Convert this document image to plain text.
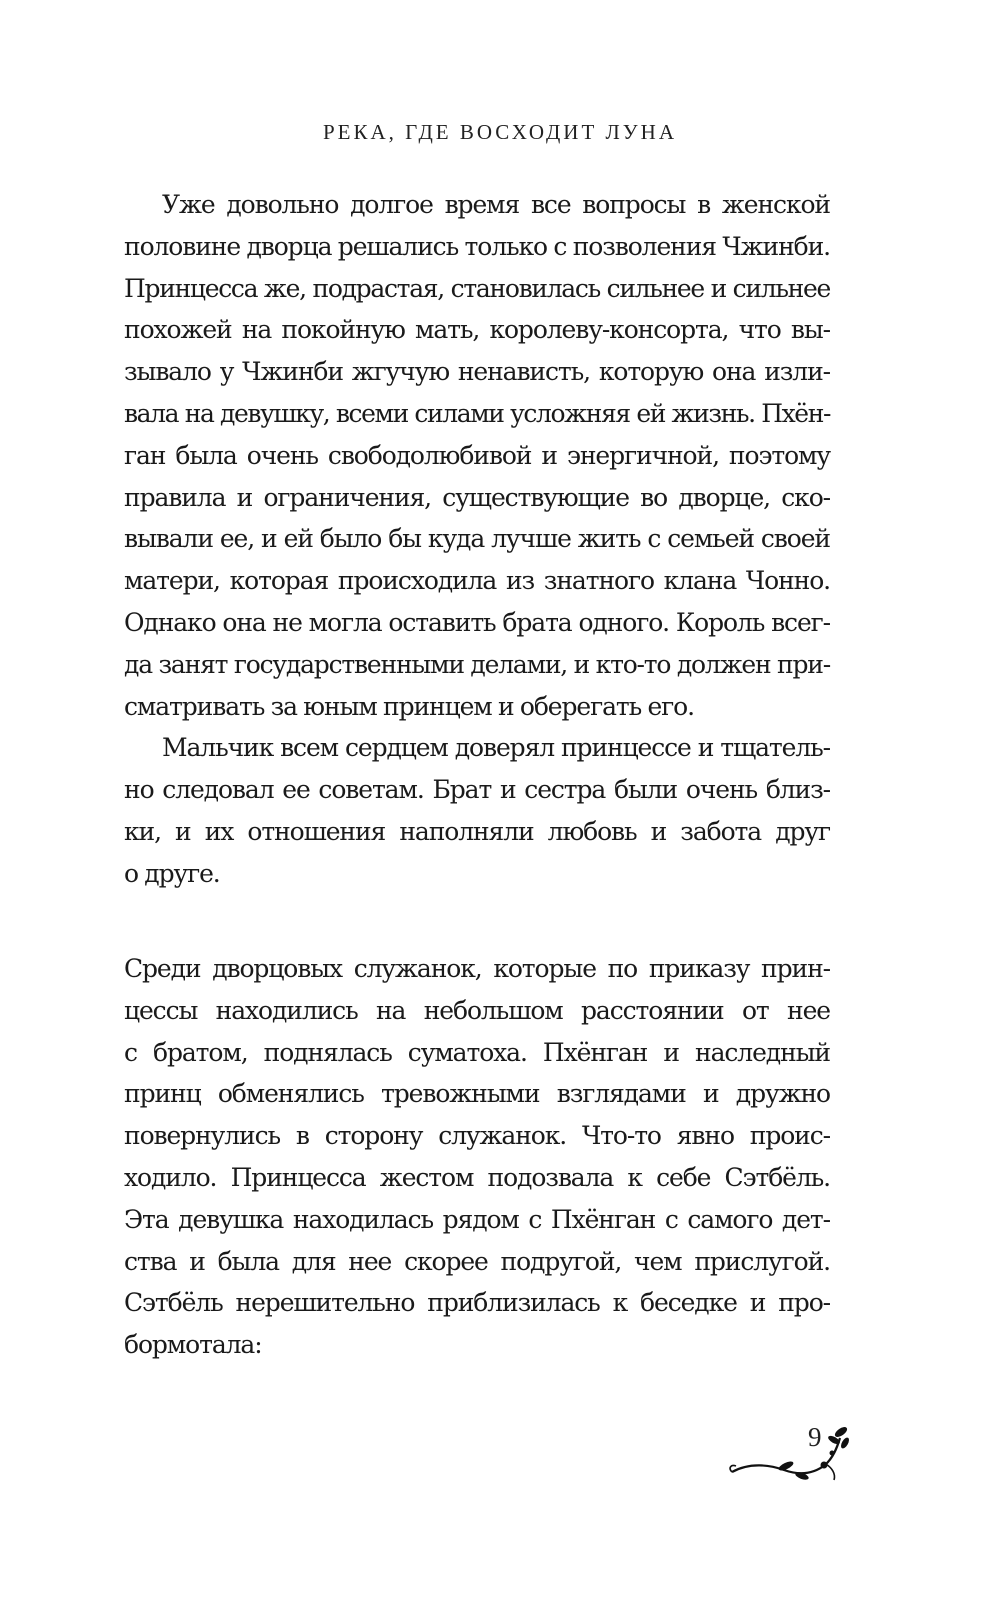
РЕКА, ГДЕ ВОСХОДИТ ЛУНА

Уже довольно долгое время все вопросы в женской
половине дворца решались только с позволения Чжинби.
Принцесса же, подрастая, становилась сильнее и сильнее
похожей на покойную мать, королеву-консорта, что вы-
зывало у Чжинби жгучую ненависть, которую она изли-
вала на девушку, всеми силами усложняя ей жизнь. Пхён-
ган была очень свободолюбивой и энергичной, поэтому
правила и ограничения, существующие во дворце, ско-
вывали ее, и ей было бы куда лучше жить с семьей своей
матери, которая происходила из знатного клана Чонно.
Однако она не могла оставить брата одного. Король всег-
да занят государственными делами, и кто-то должен при-
сматривать за юным принцем и оберегать его.

Мальчик всем сердцем доверял принцессе и тщатель-
но следовал ее советам. Брат и сестра были очень близ-
ки, и их отношения наполняли любовь и забота друг
о друге.

Среди дворцовых служанок, которые по приказу прин-
цессы находились на небольшом расстоянии от нее
с братом, поднялась суматоха. Пхёнган и наследный
принц обменялись тревожными взглядами и дружно
повернулись в сторону служанок. Что-то явно проис-
ходило. Принцесса жестом подозвала к себе Сэтбёль.
Эта девушка находилась рядом с Пхёнган с самого дет-
ства и была для нее скорее подругой, чем прислугой.
Сэтбёль нерешительно приблизилась к беседке и про-
бормотала:

9
